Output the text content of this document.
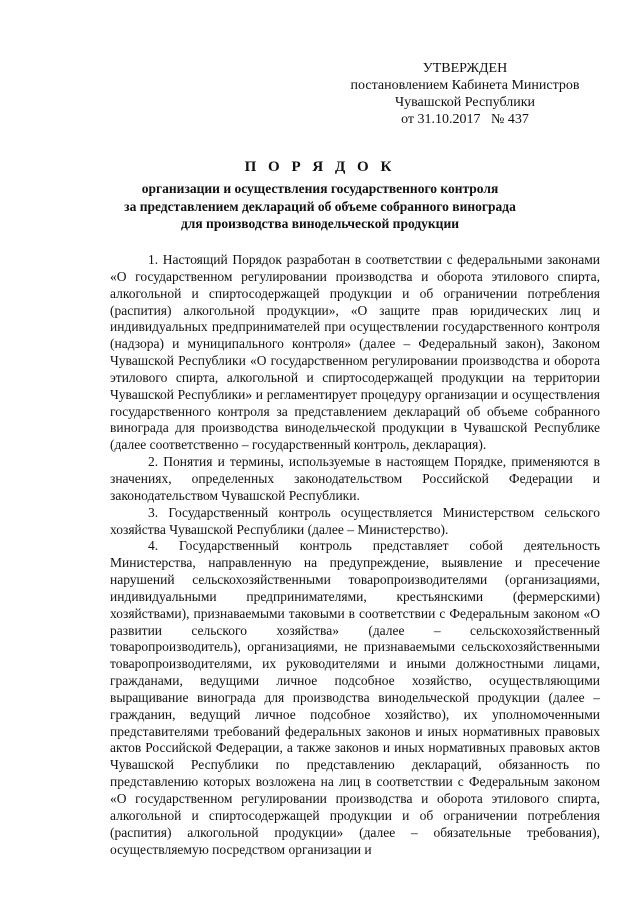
УТВЕРЖДЕН
постановлением Кабинета Министров
Чувашской Республики
от 31.10.2017 № 437
П О Р Я Д О К
организации и осуществления государственного контроля
за представлением деклараций об объеме собранного винограда
для производства винодельческой продукции

1. Настоящий Порядок разработан в соответствии с федеральными законами «О государственном регулировании производства и оборота этилового спирта, алкогольной и спиртосодержащей продукции и об ограничении потребления (распития) алкогольной продукции», «О защите прав юридических лиц и индивидуальных предпринимателей при осуществлении государственного контроля (надзора) и муниципального контроля» (далее – Федеральный закон), Законом Чувашской Республики «О государственном регулировании производства и оборота этилового спирта, алкогольной и спиртосодержащей продукции на территории Чувашской Республики» и регламентирует процедуру организации и осуществления государственного контроля за представлением деклараций об объеме собранного винограда для производства винодельческой продукции в Чувашской Республике (далее соответственно – государственный контроль, декларация).

2. Понятия и термины, используемые в настоящем Порядке, применяются в значениях, определенных законодательством Российской Федерации и законодательством Чувашской Республики.

3. Государственный контроль осуществляется Министерством сельского хозяйства Чувашской Республики (далее – Министерство).

4. Государственный контроль представляет собой деятельность Министерства, направленную на предупреждение, выявление и пресечение нарушений сельскохозяйственными товаропроизводителями (организациями, индивидуальными предпринимателями, крестьянскими (фермерскими) хозяйствами), признаваемыми таковыми в соответствии с Федеральным законом «О развитии сельского хозяйства» (далее – сельскохозяйственный товаропроизводитель), организациями, не признаваемыми сельскохозяйственными товаропроизводителями, их руководителями и иными должностными лицами, гражданами, ведущими личное подсобное хозяйство, осуществляющими выращивание винограда для производства винодельческой продукции (далее – гражданин, ведущий личное подсобное хозяйство), их уполномоченными представителями требований федеральных законов и иных нормативных правовых актов Российской Федерации, а также законов и иных нормативных правовых актов Чувашской Республики по представлению деклараций, обязанность по представлению которых возложена на лиц в соответствии с Федеральным законом «О государственном регулировании производства и оборота этилового спирта, алкогольной и спиртосодержащей продукции и об ограничении потребления (распития) алкогольной продукции» (далее – обязательные требования), осуществляемую посредством организации и
